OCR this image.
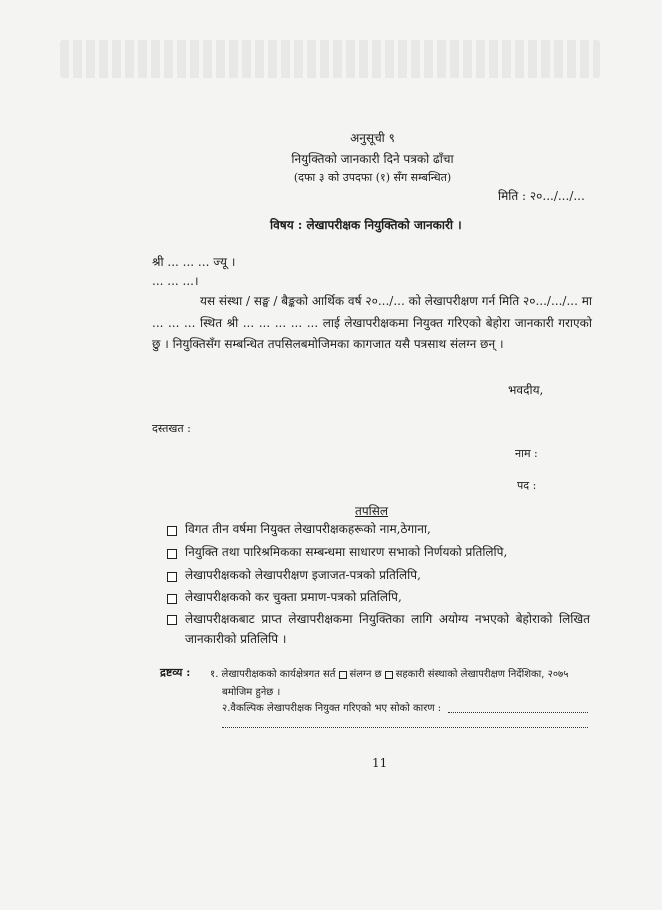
अनुसूची ९
नियुक्तिको जानकारी दिने पत्रको ढाँचा
(दफा ३ को उपदफा (१) सँग सम्बन्धित)
मिति : २०.../.../...
विषय : लेखापरीक्षक नियुक्तिको जानकारी ।
श्री ... ... ... ज्यू ।
... ... ...।
यस संस्था / सङ्घ / बैङ्कको आर्थिक वर्ष २०.../... को लेखापरीक्षण गर्न मिति २०.../.../... मा ... ... ... स्थित श्री ... ... ... ... ... लाई लेखापरीक्षकमा नियुक्त गरिएको बेहोरा जानकारी गराएको छु । नियुक्तिसँग सम्बन्धित तपसिलबमोजिमका कागजात यसै पत्रसाथ संलग्न छन् ।
भवदीय,
दस्तखत :
नाम :
पद :
तपसिल
विगत तीन वर्षमा नियुक्त लेखापरीक्षकहरूको नाम,ठेगाना,
नियुक्ति तथा पारिश्रमिकका सम्बन्धमा साधारण सभाको निर्णयको प्रतिलिपि,
लेखापरीक्षकको लेखापरीक्षण इजाजत-पत्रको प्रतिलिपि,
लेखापरीक्षकको कर चुक्ता प्रमाण-पत्रको प्रतिलिपि,
लेखापरीक्षकबाट प्राप्त लेखापरीक्षकमा नियुक्तिका लागि अयोग्य नभएको बेहोराको लिखित जानकारीको प्रतिलिपि ।
द्रष्टव्य : १. लेखापरीक्षकको कार्यक्षेत्रगत सर्त संलग्न छ सहकारी संस्थाको लेखापरीक्षण निर्देशिका, २०७५
बमोजिम हुनेछ ।
२.वैकल्पिक लेखापरीक्षक नियुक्त गरिएको भए सोको कारण :
11
